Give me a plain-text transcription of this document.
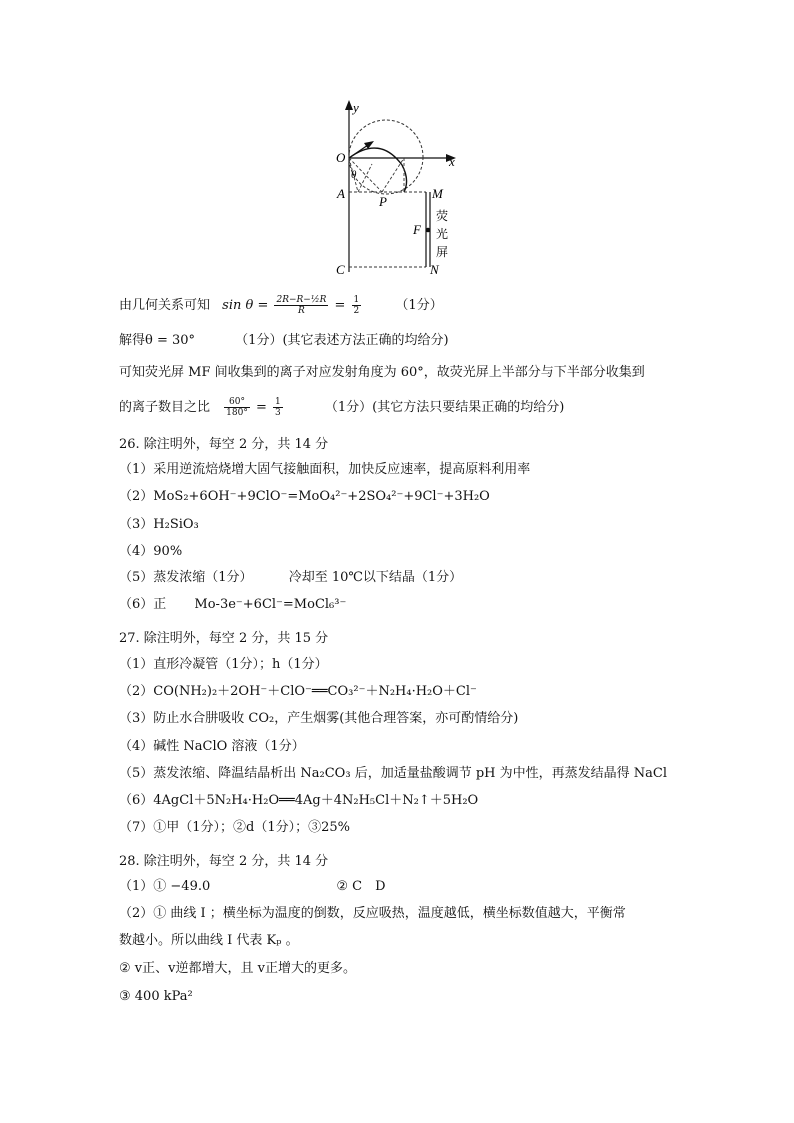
y
x
O
θ
A
P
M
F
C	N
荧
光
屏
由几何关系可知 $\sin \theta = \frac{\text{2R−R−½R}}{R} = \frac{1}{2}$	（1分）
解得θ = 30°	（1分）(其它表述方法正确的均给分)
可知荧光屏 MF 间收集到的离子对应发射角度为 60°，故荧光屏上半部分与下半部分收集到
的离子数目之比 $\frac{60^\circ}{180^\circ} = \frac{1}{3}$	（1分）(其它方法只要结果正确的均给分)
26. 除注明外，每空 2 分，共 14 分
（1）采用逆流焙烧增大固气接触面积，加快反应速率，提高原料利用率
（2）MoS₂+6OH⁻+9ClO⁻=MoO₄²⁻+2SO₄²⁻+9Cl⁻+3H₂O
（3）H₂SiO₃
（4）90%
（5）蒸发浓缩（1分）	冷却至 10℃以下结晶（1分）
（6）正 Mo-3e⁻+6Cl⁻=MoCl₆³⁻
27. 除注明外，每空 2 分，共 15 分
（1）直形冷凝管（1分）；h（1分）
（2）CO(NH₂)₂＋2OH⁻＋ClO⁻══CO₃²⁻＋N₂H₄·H₂O＋Cl⁻
（3）防止水合肼吸收 CO₂，产生烟雾(其他合理答案，亦可酌情给分)
（4）碱性 NaClO 溶液（1分）
（5）蒸发浓缩、降温结晶析出 Na₂CO₃ 后，加适量盐酸调节 pH 为中性，再蒸发结晶得 NaCl
（6）4AgCl＋5N₂H₄·H₂O══4Ag＋4N₂H₅Cl＋N₂↑＋5H₂O
（7）①甲（1分）；②d（1分）；③25%
28. 除注明外，每空 2 分，共 14 分
（1）① −49.0	② C　D
（2）① 曲线 I ；横坐标为温度的倒数，反应吸热，温度越低，横坐标数值越大，平衡常
数越小。所以曲线 I 代表 Kₚ 。
② v正、v逆都增大，且 v正增大的更多。
③ 400 kPa²
